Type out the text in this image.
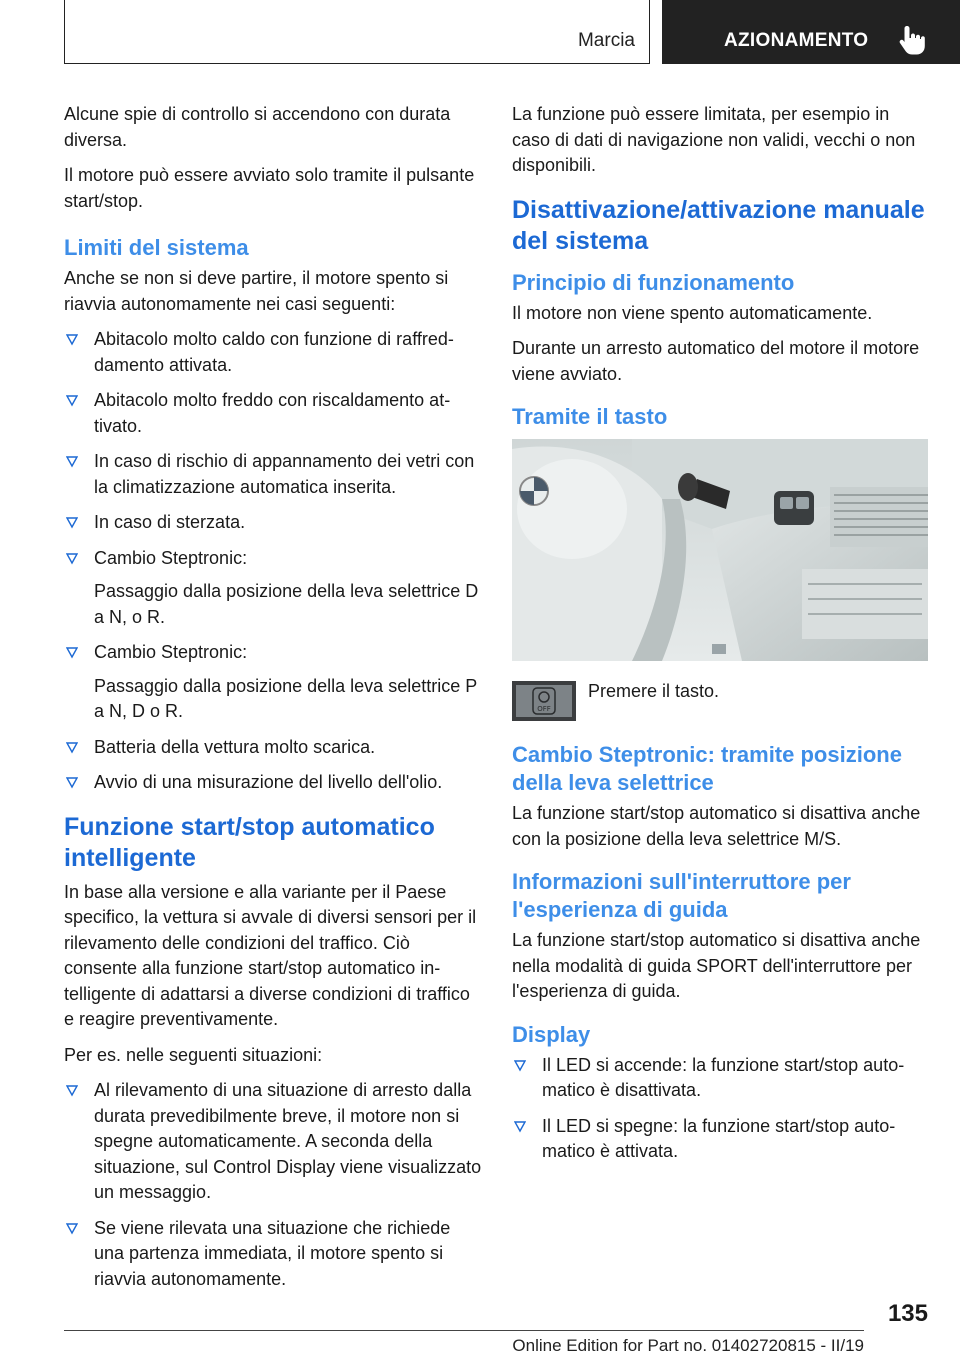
Marcia	AZIONAMENTO

Alcune spie di controllo si accendono con durata diversa.

Il motore può essere avviato solo tramite il pulsante start/stop.

Limiti del sistema

Anche se non si deve partire, il motore spento si riavvia autonomamente nei casi seguenti:

Abitacolo molto caldo con funzione di raffreddamento attivata.
Abitacolo molto freddo con riscaldamento attivato.
In caso di rischio di appannamento dei vetri con la climatizzazione automatica inserita.
In caso di sterzata.
Cambio Steptronic:
Passaggio dalla posizione della leva selettrice D a N, o R.
Cambio Steptronic:
Passaggio dalla posizione della leva selettrice P a N, D o R.
Batteria della vettura molto scarica.
Avvio di una misurazione del livello dell'olio.
Funzione start/stop automatico intelligente

In base alla versione e alla variante per il Paese specifico, la vettura si avvale di diversi sensori per il rilevamento delle condizioni del traffico. Ciò consente alla funzione start/stop automatico intelligente di adattarsi a diverse condizioni di traffico e reagire preventivamente.

Per es. nelle seguenti situazioni:

Al rilevamento di una situazione di arresto dalla durata prevedibilmente breve, il motore non si spegne automaticamente. A seconda della situazione, sul Control Display viene visualizzato un messaggio.
Se viene rilevata una situazione che richiede una partenza immediata, il motore spento si riavvia autonomamente.

La funzione può essere limitata, per esempio in caso di dati di navigazione non validi, vecchi o non disponibili.

Disattivazione/attivazione manuale del sistema
Principio di funzionamento

Il motore non viene spento automaticamente.

Durante un arresto automatico del motore il motore viene avviato.

Tramite il tasto
OFF
Premere il tasto.
Cambio Steptronic: tramite posizione della leva selettrice

La funzione start/stop automatico si disattiva anche con la posizione della leva selettrice M/S.

Informazioni sull'interruttore per l'esperienza di guida

La funzione start/stop automatico si disattiva anche nella modalità di guida SPORT dell'interruttore per l'esperienza di guida.

Display
Il LED si accende: la funzione start/stop automatico è disattivata.
Il LED si spegne: la funzione start/stop automatico è attivata.
135
Online Edition for Part no. 01402720815 - II/19
